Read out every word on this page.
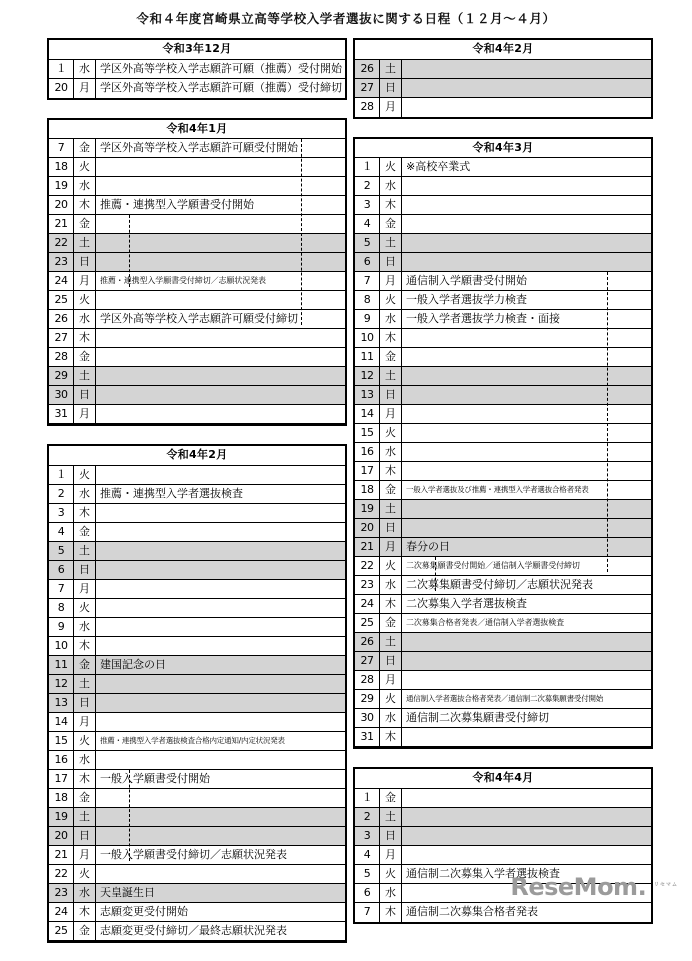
令和４年度宮崎県立高等学校入学者選抜に関する日程（１２月～４月）
令和3年12月
１	水 学区外高等学校入学志願許可願（推薦）受付開始
20	月 学区外高等学校入学志願許可願（推薦）受付締切
令和4年1月
7	金 学区外高等学校入学志願許可願受付開始
18	火
19	水
20	木 推薦・連携型入学願書受付開始
21	金
22	土
23	日
24	月	推薦・連携型入学願書受付締切／志願状況発表
25	火
26	水 学区外高等学校入学志願許可願受付締切
27	木
28	金
29	土
30	日
31	月
令和4年2月
１	火
2	水 推薦・連携型入学者選抜検査
3	木
4	金
5	土
6	日
7	月
8	火
9	水
10	木
11	金 建国記念の日
12	土
13	日
14	月
15	火	推薦・連携型入学者選抜検査合格内定通知/内定状況発表
16	水
17	木 一般入学願書受付開始
18	金
19	土
20	日
21	月 一般入学願書受付締切／志願状況発表
22	火
23	水 天皇誕生日
24	木 志願変更受付開始
25	金 志願変更受付締切／最終志願状況発表
令和4年2月
26	土
27	日
28	月
令和4年3月
１	火 ※高校卒業式
2	水
3	木
4	金
5	土
6	日
7	月 通信制入学願書受付開始
8	火 一般入学者選抜学力検査
9	水 一般入学者選抜学力検査・面接
10	木
11	金
12	土
13	日
14	月
15	火
16	水
17	木
18	金	一般入学者選抜及び推薦・連携型入学者選抜合格者発表
19	土
20	日
21	月 春分の日
22	火	二次募集願書受付開始／通信制入学願書受付締切
23	水 二次募集願書受付締切／志願状況発表
24	木 二次募集入学者選抜検査
25	金	二次募集合格者発表／通信制入学者選抜検査
26	土
27	日
28	月
29	火	通信制入学者選抜合格者発表／通信制二次募集願書受付開始
30	水 通信制二次募集願書受付締切
31	木
令和4年4月
１	金
2	土
3	日
4	月
5	火 通信制二次募集入学者選抜検査
6	水
7	木 通信制二次募集合格者発表
ReseMom. $^{リセマム}$
